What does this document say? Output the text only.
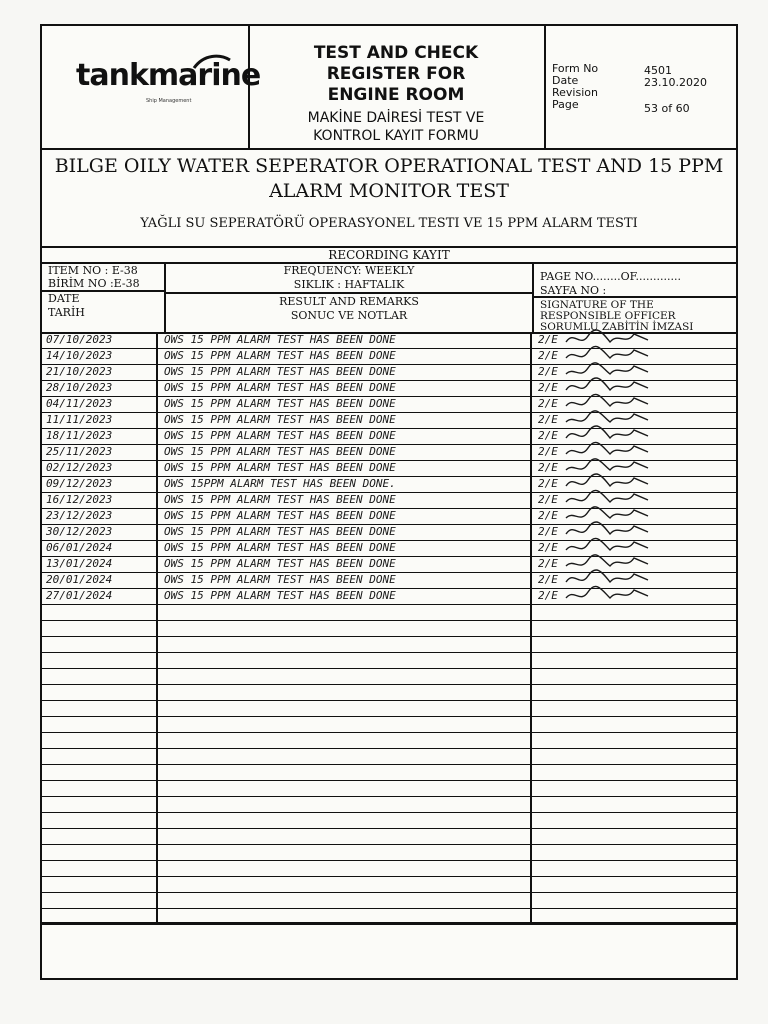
tankmarine
Ship Management
TEST AND CHECK
REGISTER FOR
ENGINE ROOM
MAKİNE DAİRESİ TEST VE
KONTROL KAYIT FORMU
Form No	4501
Date	23.10.2020
Revision
Page	53 of 60
BILGE OILY WATER SEPERATOR OPERATIONAL TEST AND 15 PPM
ALARM MONITOR TEST
YAĞLI SU SEPERATÖRÜ OPERASYONEL TESTI VE 15 PPM ALARM TESTI
RECORDING KAYIT
ITEM NO : E-38
BİRİM NO :E-38
DATE
TARİH
FREQUENCY: WEEKLY
SIKLIK : HAFTALIK
RESULT AND REMARKS
SONUC VE NOTLAR
PAGE NO........OF.............
SAYFA NO :
SIGNATURE OF THE
RESPONSIBLE OFFICER
SORUMLU ZABİTİN İMZASI
07/10/2023	OWS 15 PPM ALARM TEST HAS BEEN DONE	2/E
14/10/2023	OWS 15 PPM ALARM TEST HAS BEEN DONE	2/E
21/10/2023	OWS 15 PPM ALARM TEST HAS BEEN DONE	2/E
28/10/2023	OWS 15 PPM ALARM TEST HAS BEEN DONE	2/E
04/11/2023	OWS 15 PPM ALARM TEST HAS BEEN DONE	2/E
11/11/2023	OWS 15 PPM ALARM TEST HAS BEEN DONE	2/E
18/11/2023	OWS 15 PPM ALARM TEST HAS BEEN DONE	2/E
25/11/2023	OWS 15 PPM ALARM TEST HAS BEEN DONE	2/E
02/12/2023	OWS 15 PPM ALARM TEST HAS BEEN DONE	2/E
09/12/2023	OWS 15PPM ALARM TEST HAS BEEN DONE.	2/E
16/12/2023	OWS 15 PPM ALARM TEST HAS BEEN DONE	2/E
23/12/2023	OWS 15 PPM ALARM TEST HAS BEEN DONE	2/E
30/12/2023	OWS 15 PPM ALARM TEST HAS BEEN DONE	2/E
06/01/2024	OWS 15 PPM ALARM TEST HAS BEEN DONE	2/E
13/01/2024	OWS 15 PPM ALARM TEST HAS BEEN DONE	2/E
20/01/2024	OWS 15 PPM ALARM TEST HAS BEEN DONE	2/E
27/01/2024	OWS 15 PPM ALARM TEST HAS BEEN DONE	2/E
